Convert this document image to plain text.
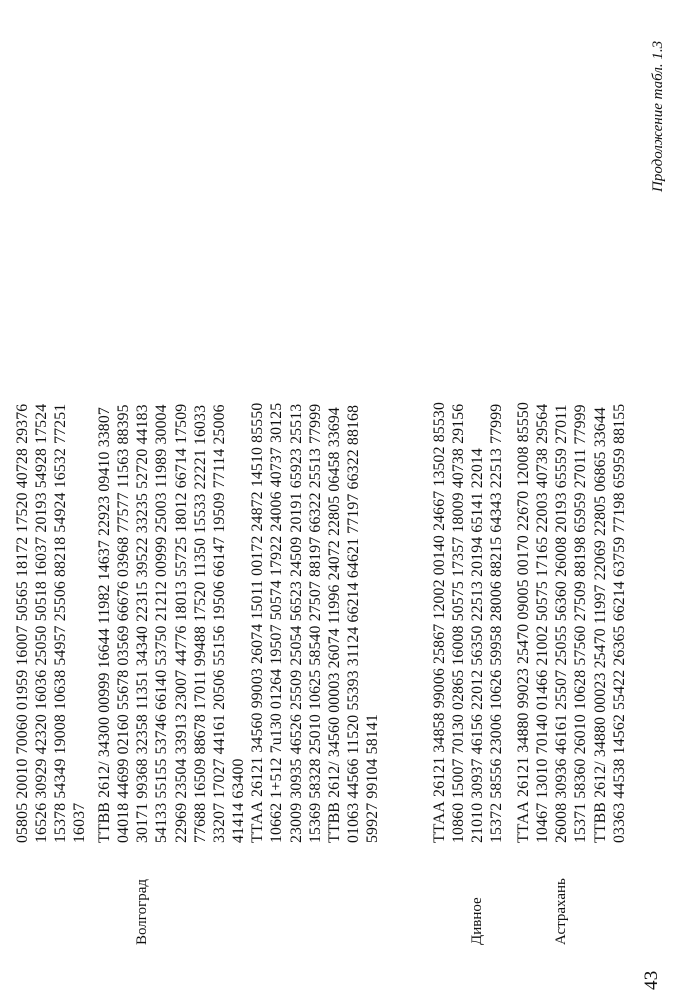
43
Продолжение табл. 1.3
05805 20010 70060 01959 16007 50565 18172 17520 40728 29376 16526 30929 42320 16036 25050 50518 16037 20193 54928 17524 15378 54349 19008 10638 54957 25506 88218 54924 16532 77251 16037
Волгоград
ТТВВ 2612/ 34300 00999 16644 11982 14637 22923 09410 33807 04018 44699 02160 55678 03569 66676 03968 77577 11563 88395 30171 99368 32358 11351 34340 22315 39522 33235 52720 44183 54133 55155 53746 66140 53750 21212 00999 25003 11989 30004 22969 23504 33913 23007 44776 18013 55725 18012 66714 17509 77688 16509 88678 17011 99488 17520 11350 15533 22221 16033 33207 17027 44161 20506 55156 19506 66147 19509 77114 25006 41414 63400 ТТАА 26121 34560 99003 26074 15011 00172 24872 14510 85550 10662 1+512 7u130 01264 19507 50574 17922 24006 40737 30125 23009 30935 46526 25509 25054 56523 24509 20191 65923 25513 15369 58328 25010 10625 58540 27507 88197 66322 25513 77999 ТТВВ 2612/ 34560 00003 26074 11996 24072 22805 06458 33694 01063 44566 11520 55393 31124 66214 64621 77197 66322 88168 59927 99104 58141
Дивное
ТТАА 26121 34858 99006 25867 12002 00140 24667 13502 85530 10860 15007 70130 02865 16008 50575 17357 18009 40738 29156 21010 30937 46156 22012 56350 22513 20194 65141 22014 15372 58556 23006 10626 59958 28006 88215 64343 22513 77999
Астрахань
ТТАА 26121 34880 99023 25470 09005 00170 22670 12008 85550 10467 13010 70140 01466 21002 50575 17165 22003 40738 29564 26008 30936 46161 25507 25055 56360 26008 20193 65559 27011 15371 58360 26010 10628 57560 27509 88198 65959 27011 77999 ТТВВ 2612/ 34880 00023 25470 11997 22069 22805 06865 33644 03363 44538 14562 55422 26365 66214 63759 77198 65959 88155
